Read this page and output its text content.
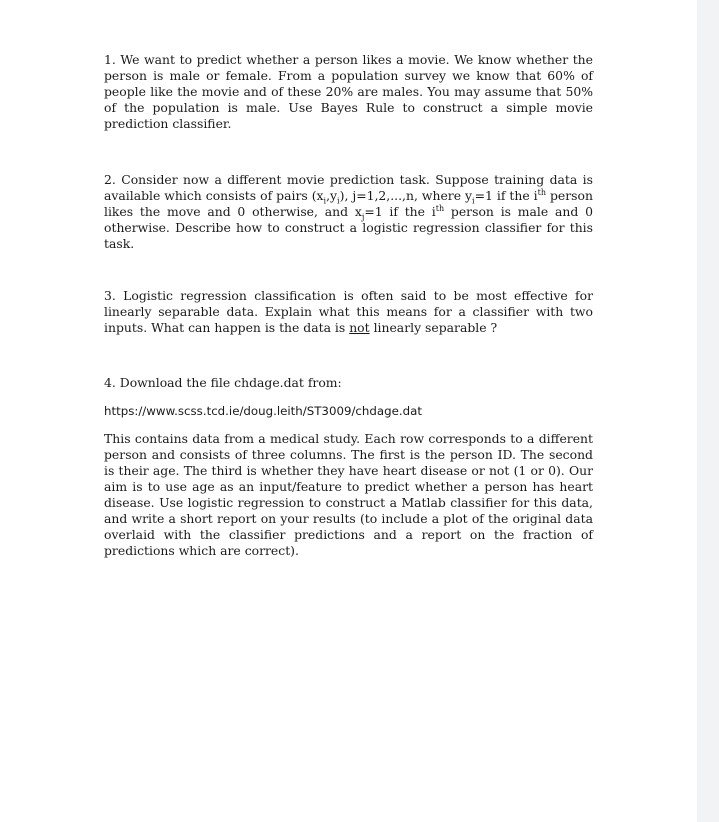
1. We want to predict whether a person likes a movie. We know whether the person is male or female. From a population survey we know that 60% of people like the movie and of these 20% are males. You may assume that 50% of the population is male. Use Bayes Rule to construct a simple movie prediction classifier.

2. Consider now a different movie prediction task. Suppose training data is available which consists of pairs $(x_i,y_i)$, j=1,2,...,n, where $y_i=1$ if the $i^{th}$ person likes the move and 0 otherwise, and $x_j=1$ if the $i^{th}$ person is male and 0 otherwise. Describe how to construct a logistic regression classifier for this task.

3. Logistic regression classification is often said to be most effective for linearly separable data. Explain what this means for a classifier with two inputs. What can happen is the data is not linearly separable ?

4. Download the file chdage.dat from:

https://www.scss.tcd.ie/doug.leith/ST3009/chdage.dat

This contains data from a medical study. Each row corresponds to a different person and consists of three columns. The first is the person ID. The second is their age. The third is whether they have heart disease or not (1 or 0). Our aim is to use age as an input/feature to predict whether a person has heart disease. Use logistic regression to construct a Matlab classifier for this data, and write a short report on your results (to include a plot of the original data overlaid with the classifier predictions and a report on the fraction of predictions which are correct).
